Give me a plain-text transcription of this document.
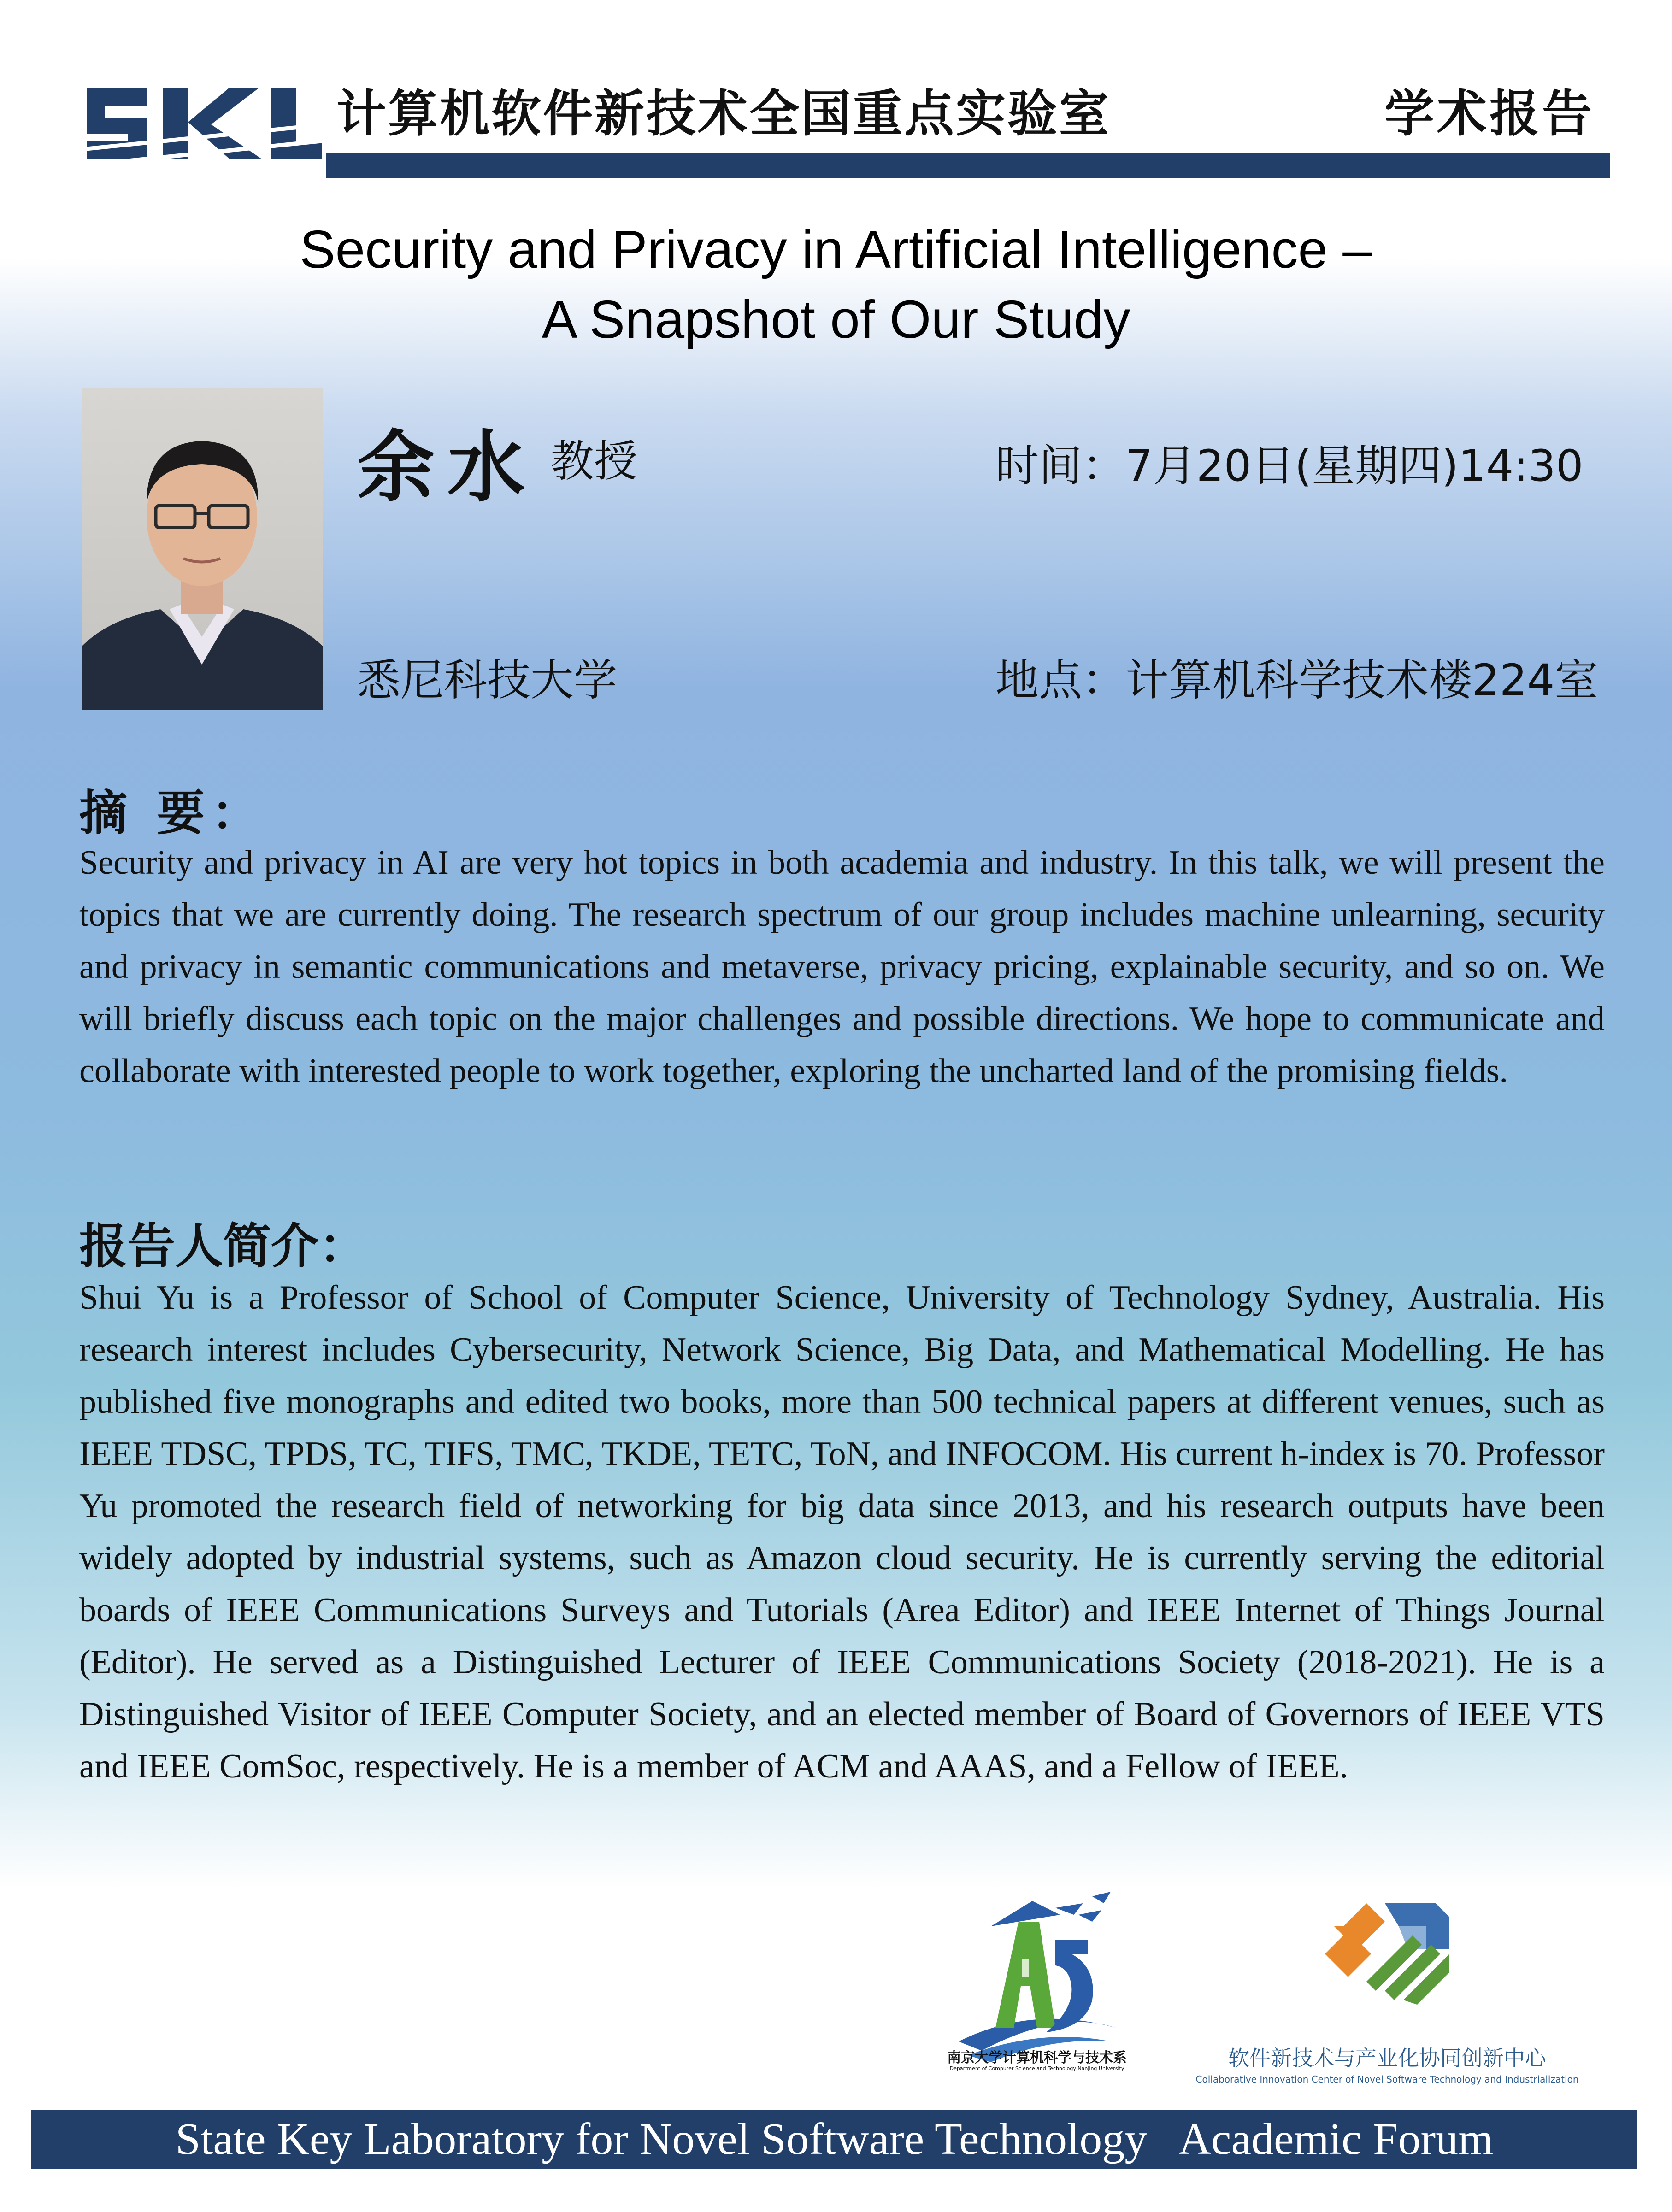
计算机软件新技术全国重点实验室	学术报告
Security and Privacy in Artificial Intelligence –
A Snapshot of Our Study
余水 教授
悉尼科技大学
时间：7月20日(星期四)14:30
地点：计算机科学技术楼224室
摘 要：
Security and privacy in AI are very hot topics in both academia and industry. In this talk, we will present the topics that we are currently doing. The research spectrum of our group includes machine unlearning, security and privacy in semantic communications and metaverse, privacy pricing, explainable security, and so on. We will briefly discuss each topic on the major challenges and possible directions. We hope to communicate and collaborate with interested people to work together, exploring the uncharted land of the promising fields.
报告人简介：
Shui Yu is a Professor of School of Computer Science, University of Technology Sydney, Australia. His research interest includes Cybersecurity, Network Science, Big Data, and Mathematical Modelling. He has published five monographs and edited two books, more than 500 technical papers at different venues, such as IEEE TDSC, TPDS, TC, TIFS, TMC, TKDE, TETC, ToN, and INFOCOM. His current h-index is 70. Professor Yu promoted the research field of networking for big data since 2013, and his research outputs have been widely adopted by industrial systems, such as Amazon cloud security. He is currently serving the editorial boards of IEEE Communications Surveys and Tutorials (Area Editor) and IEEE Internet of Things Journal (Editor). He served as a Distinguished Lecturer of IEEE Communications Society (2018-2021). He is a Distinguished Visitor of IEEE Computer Society, and an elected member of Board of Governors of IEEE VTS and IEEE ComSoc, respectively. He is a member of ACM and AAAS, and a Fellow of IEEE.
南京大学计算机科学与技术系
Department of Computer Science and Technology Nanjing University	软件新技术与产业化协同创新中心
Collaborative Innovation Center of Novel Software Technology and Industrialization
State Key Laboratory for Novel Software Technology   Academic Forum
